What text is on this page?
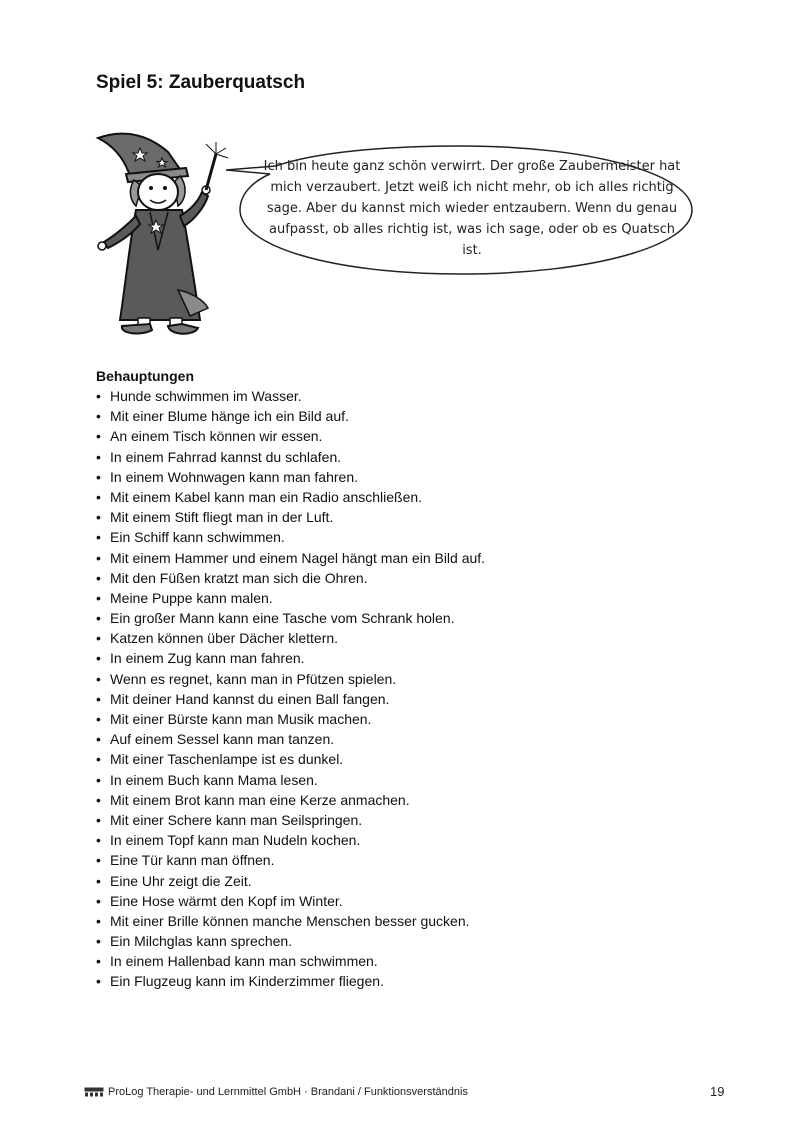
Spiel 5: Zauberquatsch

Ich bin heute ganz schön verwirrt. Der große Zaubermeister hat mich verzaubert. Jetzt weiß ich nicht mehr, ob ich alles richtig sage. Aber du kannst mich wieder entzaubern. Wenn du genau aufpasst, ob alles richtig ist, was ich sage, oder ob es Quatsch ist.

Behauptungen
• Hunde schwimmen im Wasser.
• Mit einer Blume hänge ich ein Bild auf.
• An einem Tisch können wir essen.
• In einem Fahrrad kannst du schlafen.
• In einem Wohnwagen kann man fahren.
• Mit einem Kabel kann man ein Radio anschließen.
• Mit einem Stift fliegt man in der Luft.
• Ein Schiff kann schwimmen.
• Mit einem Hammer und einem Nagel hängt man ein Bild auf.
• Mit den Füßen kratzt man sich die Ohren.
• Meine Puppe kann malen.
• Ein großer Mann kann eine Tasche vom Schrank holen.
• Katzen können über Dächer klettern.
• In einem Zug kann man fahren.
• Wenn es regnet, kann man in Pfützen spielen.
• Mit deiner Hand kannst du einen Ball fangen.
• Mit einer Bürste kann man Musik machen.
• Auf einem Sessel kann man tanzen.
• Mit einer Taschenlampe ist es dunkel.
• In einem Buch kann Mama lesen.
• Mit einem Brot kann man eine Kerze anmachen.
• Mit einer Schere kann man Seilspringen.
• In einem Topf kann man Nudeln kochen.
• Eine Tür kann man öffnen.
• Eine Uhr zeigt die Zeit.
• Eine Hose wärmt den Kopf im Winter.
• Mit einer Brille können manche Menschen besser gucken.
• Ein Milchglas kann sprechen.
• In einem Hallenbad kann man schwimmen.
• Ein Flugzeug kann im Kinderzimmer fliegen.
ProLog Therapie- und Lernmittel GmbH · Brandani / Funktionsverständnis	19
